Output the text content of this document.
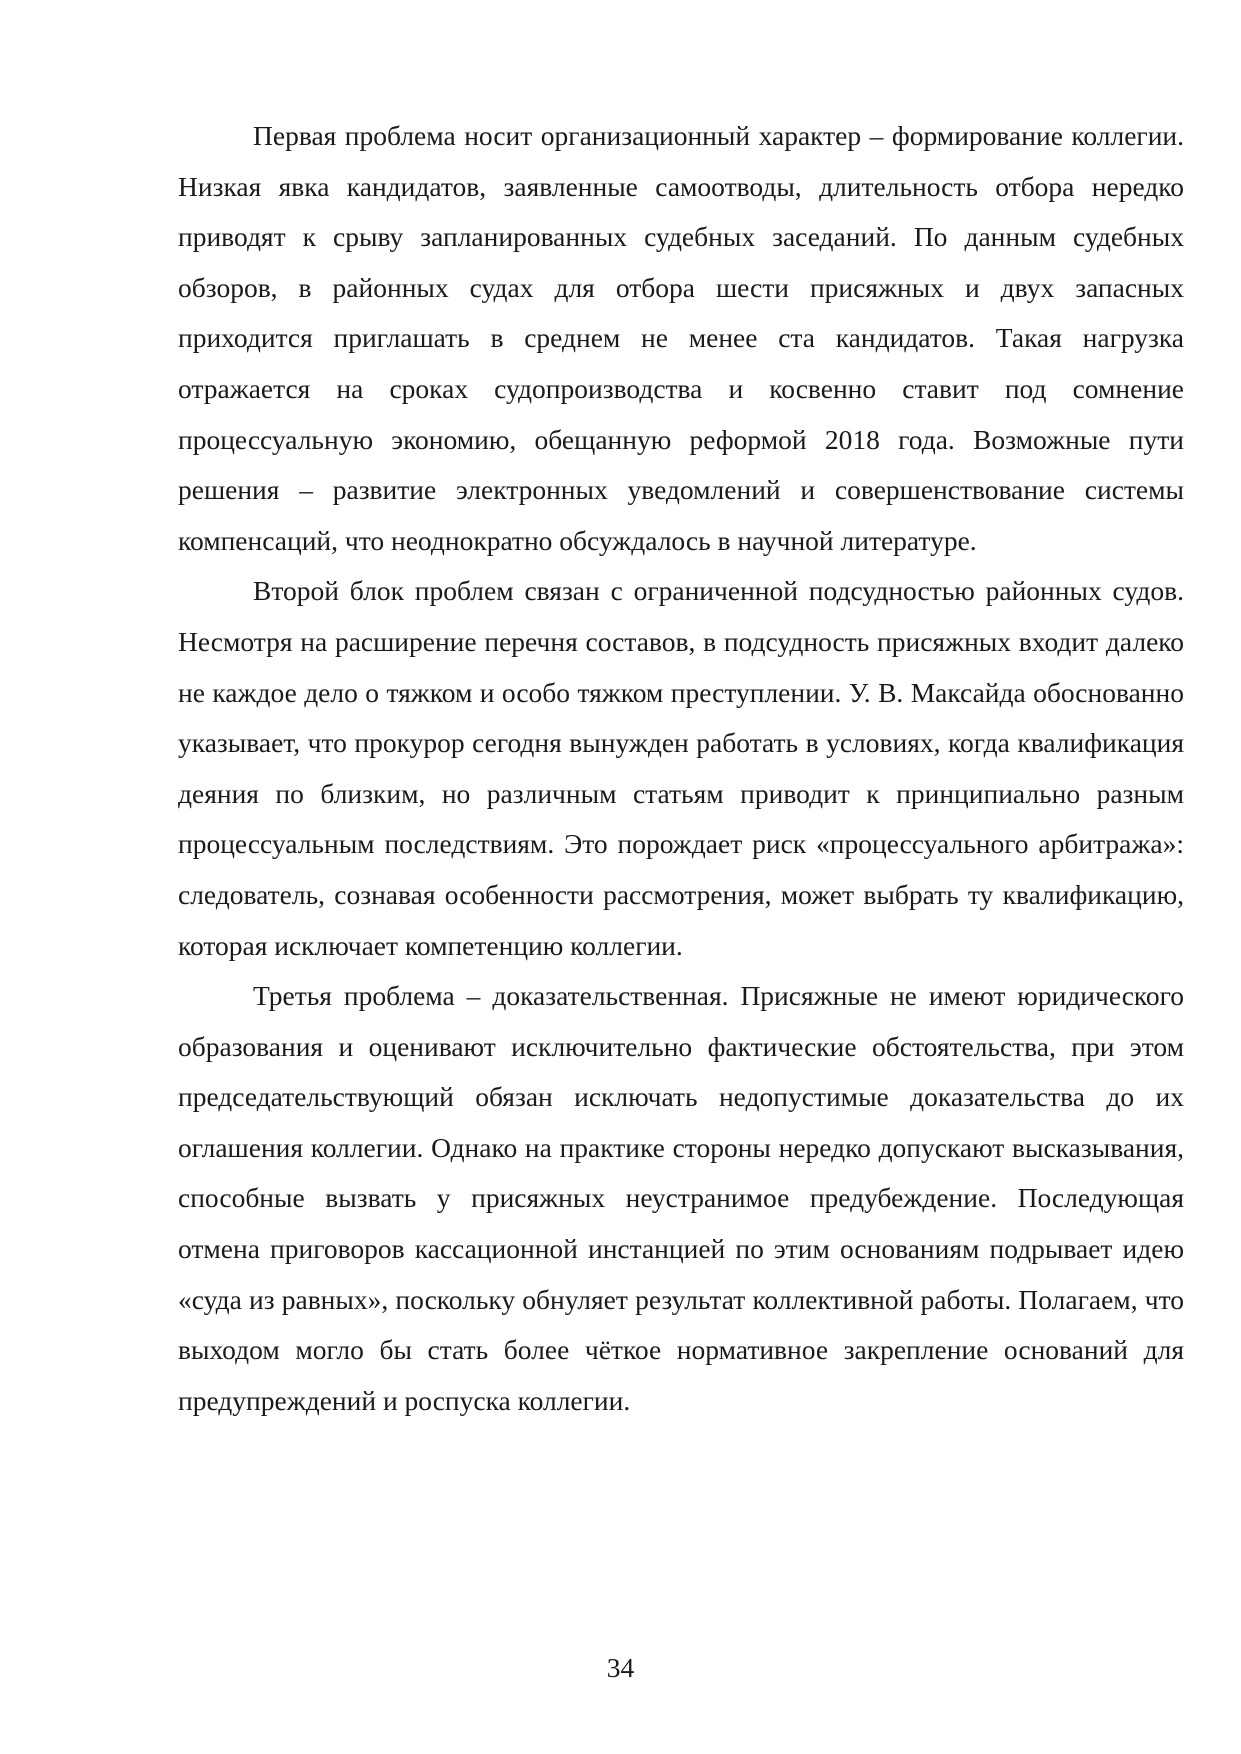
Первая проблема носит организационный характер – формирование коллегии. Низкая явка кандидатов, заявленные самоотводы, длительность отбора нередко приводят к срыву запланированных судебных заседаний. По данным судебных обзоров, в районных судах для отбора шести присяжных и двух запасных приходится приглашать в среднем не менее ста кандидатов. Такая нагрузка отражается на сроках судопроизводства и косвенно ставит под сомнение процессуальную экономию, обещанную реформой 2018 года. Возможные пути решения – развитие электронных уведомлений и совершенствование системы компенсаций, что неоднократно обсуждалось в научной литературе.

Второй блок проблем связан с ограниченной подсудностью районных судов. Несмотря на расширение перечня составов, в подсудность присяжных входит далеко не каждое дело о тяжком и особо тяжком преступлении. У. В. Максайда обоснованно указывает, что прокурор сегодня вынужден работать в условиях, когда квалификация деяния по близким, но различным статьям приводит к принципиально разным процессуальным последствиям. Это порождает риск «процессуального арбитража»: следователь, сознавая особенности рассмотрения, может выбрать ту квалификацию, которая исключает компетенцию коллегии.

Третья проблема – доказательственная. Присяжные не имеют юридического образования и оценивают исключительно фактические обстоятельства, при этом председательствующий обязан исключать недопустимые доказательства до их оглашения коллегии. Однако на практике стороны нередко допускают высказывания, способные вызвать у присяжных неустранимое предубеждение. Последующая отмена приговоров кассационной инстанцией по этим основаниям подрывает идею «суда из равных», поскольку обнуляет результат коллективной работы. Полагаем, что выходом могло бы стать более чёткое нормативное закрепление оснований для предупреждений и роспуска коллегии.

34
